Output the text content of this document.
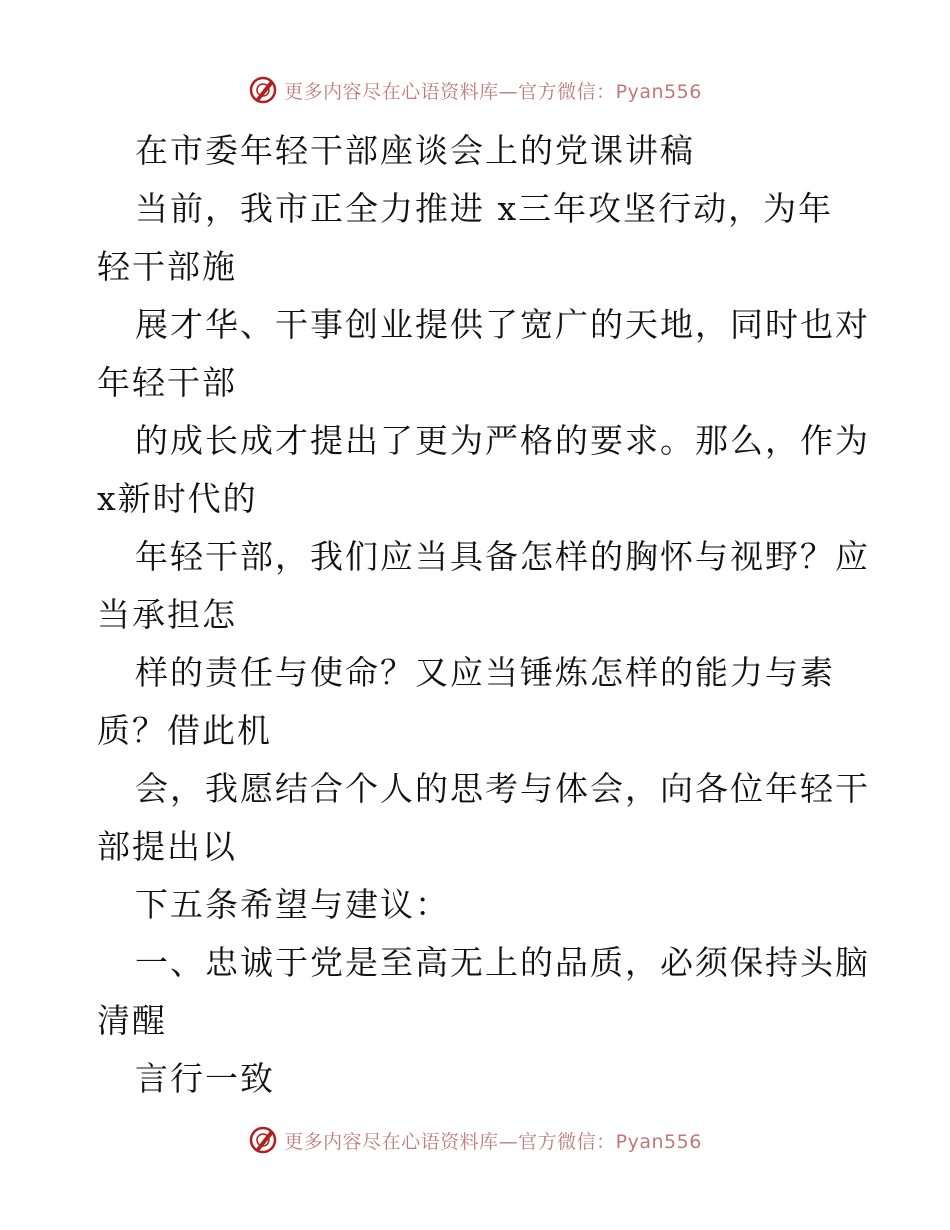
更多内容尽在心语资料库—官方微信：Pyan556
在市委年轻干部座谈会上的党课讲稿
当前，我市正全力推进 x三年攻坚行动，为年
轻干部施
展才华、干事创业提供了宽广的天地，同时也对
年轻干部
的成长成才提出了更为严格的要求。那么，作为
x新时代的
年轻干部，我们应当具备怎样的胸怀与视野？应
当承担怎
样的责任与使命？又应当锤炼怎样的能力与素
质？借此机
会，我愿结合个人的思考与体会，向各位年轻干
部提出以
下五条希望与建议：
一、忠诚于党是至高无上的品质，必须保持头脑
清醒
言行一致
更多内容尽在心语资料库—官方微信：Pyan556
